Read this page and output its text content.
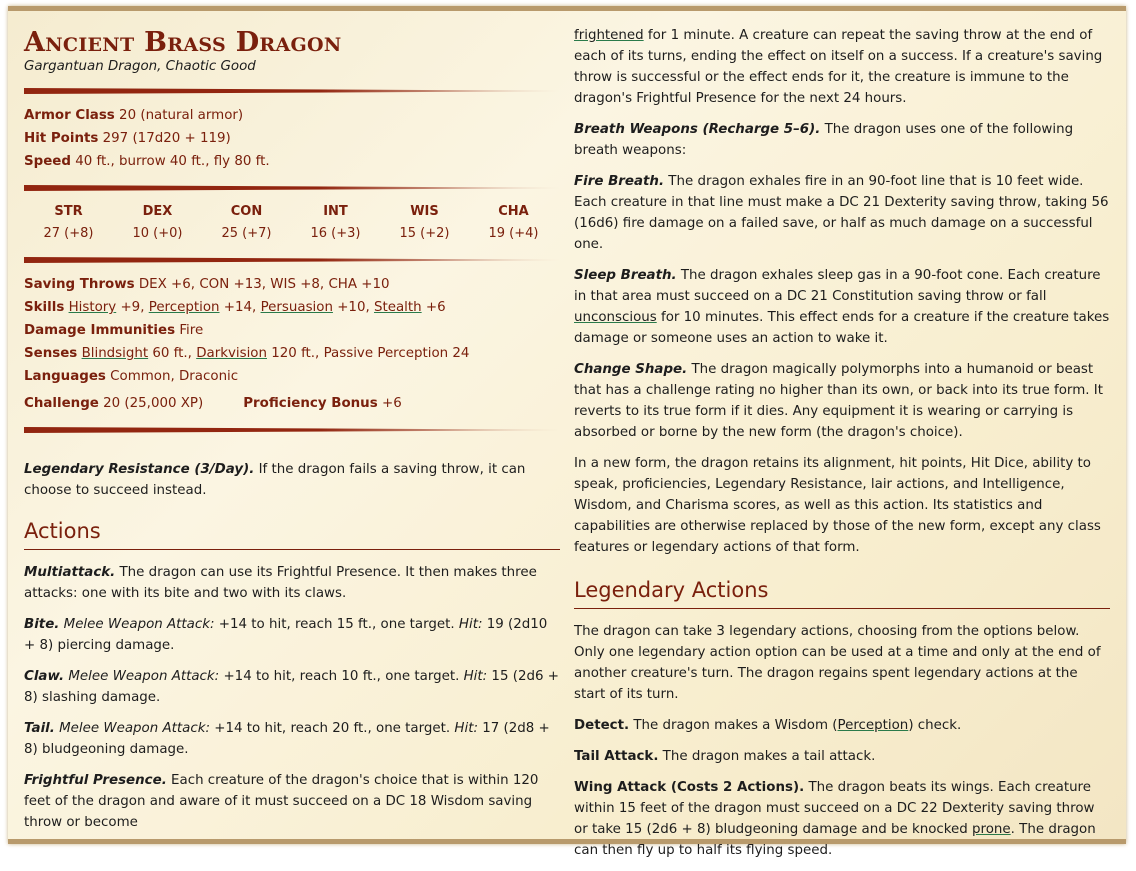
Ancient Brass Dragon
Gargantuan Dragon, Chaotic Good
Armor Class 20 (natural armor)
Hit Points 297 (17d20 + 119)
Speed 40 ft., burrow 40 ft., fly 80 ft.
STR
27 (+8)
DEX
10 (+0)
CON
25 (+7)
INT
16 (+3)
WIS
15 (+2)
CHA
19 (+4)
Saving Throws DEX +6, CON +13, WIS +8, CHA +10
Skills History +9, Perception +14, Persuasion +10, Stealth +6
Damage Immunities Fire
Senses Blindsight 60 ft., Darkvision 120 ft., Passive Perception 24
Languages Common, Draconic
Challenge 20 (25,000 XP)	Proficiency Bonus +6

Legendary Resistance (3/Day). If the dragon fails a saving throw, it can choose to succeed instead.

Actions

Multiattack. The dragon can use its Frightful Presence. It then makes three attacks: one with its bite and two with its claws.

Bite. Melee Weapon Attack: +14 to hit, reach 15 ft., one target. Hit: 19 (2d10 + 8) piercing damage.

Claw. Melee Weapon Attack: +14 to hit, reach 10 ft., one target. Hit: 15 (2d6 + 8) slashing damage.

Tail. Melee Weapon Attack: +14 to hit, reach 20 ft., one target. Hit: 17 (2d8 + 8) bludgeoning damage.

Frightful Presence. Each creature of the dragon's choice that is within 120 feet of the dragon and aware of it must succeed on a DC 18 Wisdom saving throw or become

frightened for 1 minute. A creature can repeat the saving throw at the end of each of its turns, ending the effect on itself on a success. If a creature's saving throw is successful or the effect ends for it, the creature is immune to the dragon's Frightful Presence for the next 24 hours.

Breath Weapons (Recharge 5–6). The dragon uses one of the following breath weapons:

Fire Breath. The dragon exhales fire in an 90-foot line that is 10 feet wide. Each creature in that line must make a DC 21 Dexterity saving throw, taking 56 (16d6) fire damage on a failed save, or half as much damage on a successful one.

Sleep Breath. The dragon exhales sleep gas in a 90-foot cone. Each creature in that area must succeed on a DC 21 Constitution saving throw or fall unconscious for 10 minutes. This effect ends for a creature if the creature takes damage or someone uses an action to wake it.

Change Shape. The dragon magically polymorphs into a humanoid or beast that has a challenge rating no higher than its own, or back into its true form. It reverts to its true form if it dies. Any equipment it is wearing or carrying is absorbed or borne by the new form (the dragon's choice).

In a new form, the dragon retains its alignment, hit points, Hit Dice, ability to speak, proficiencies, Legendary Resistance, lair actions, and Intelligence, Wisdom, and Charisma scores, as well as this action. Its statistics and capabilities are otherwise replaced by those of the new form, except any class features or legendary actions of that form.

Legendary Actions

The dragon can take 3 legendary actions, choosing from the options below. Only one legendary action option can be used at a time and only at the end of another creature's turn. The dragon regains spent legendary actions at the start of its turn.

Detect. The dragon makes a Wisdom (Perception) check.

Tail Attack. The dragon makes a tail attack.

Wing Attack (Costs 2 Actions). The dragon beats its wings. Each creature within 15 feet of the dragon must succeed on a DC 22 Dexterity saving throw or take 15 (2d6 + 8) bludgeoning damage and be knocked prone. The dragon can then fly up to half its flying speed.
